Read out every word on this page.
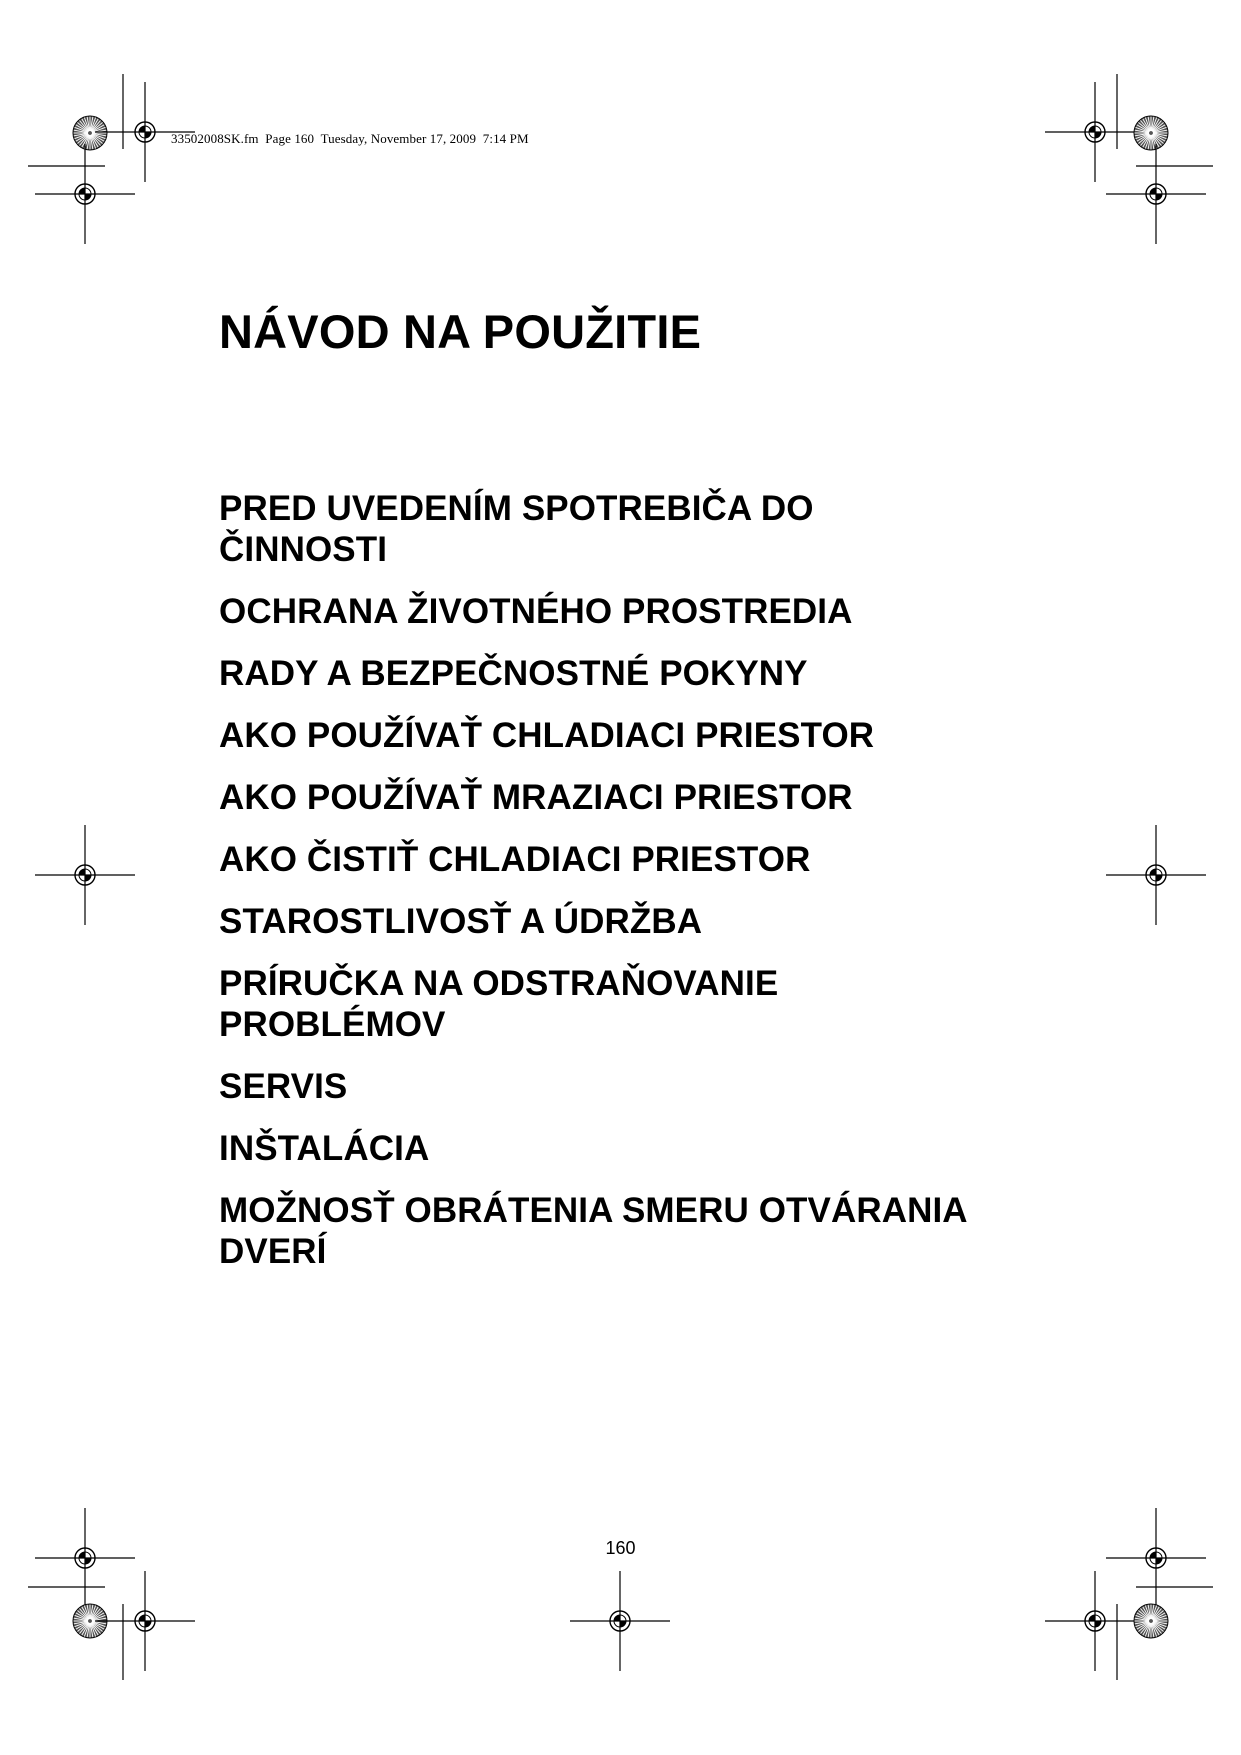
33502008SK.fm  Page 160  Tuesday, November 17, 2009  7:14 PM
NÁVOD NA POUŽITIE
PRED UVEDENÍM SPOTREBIČA DO
ČINNOSTI
OCHRANA ŽIVOTNÉHO PROSTREDIA
RADY A BEZPEČNOSTNÉ POKYNY
AKO POUŽÍVAŤ CHLADIACI PRIESTOR
AKO POUŽÍVAŤ MRAZIACI PRIESTOR
AKO ČISTIŤ CHLADIACI PRIESTOR
STAROSTLIVOSŤ A ÚDRŽBA
PRÍRUČKA NA ODSTRAŇOVANIE
PROBLÉMOV
SERVIS
INŠTALÁCIA
MOŽNOSŤ OBRÁTENIA SMERU OTVÁRANIA
DVERÍ
160
